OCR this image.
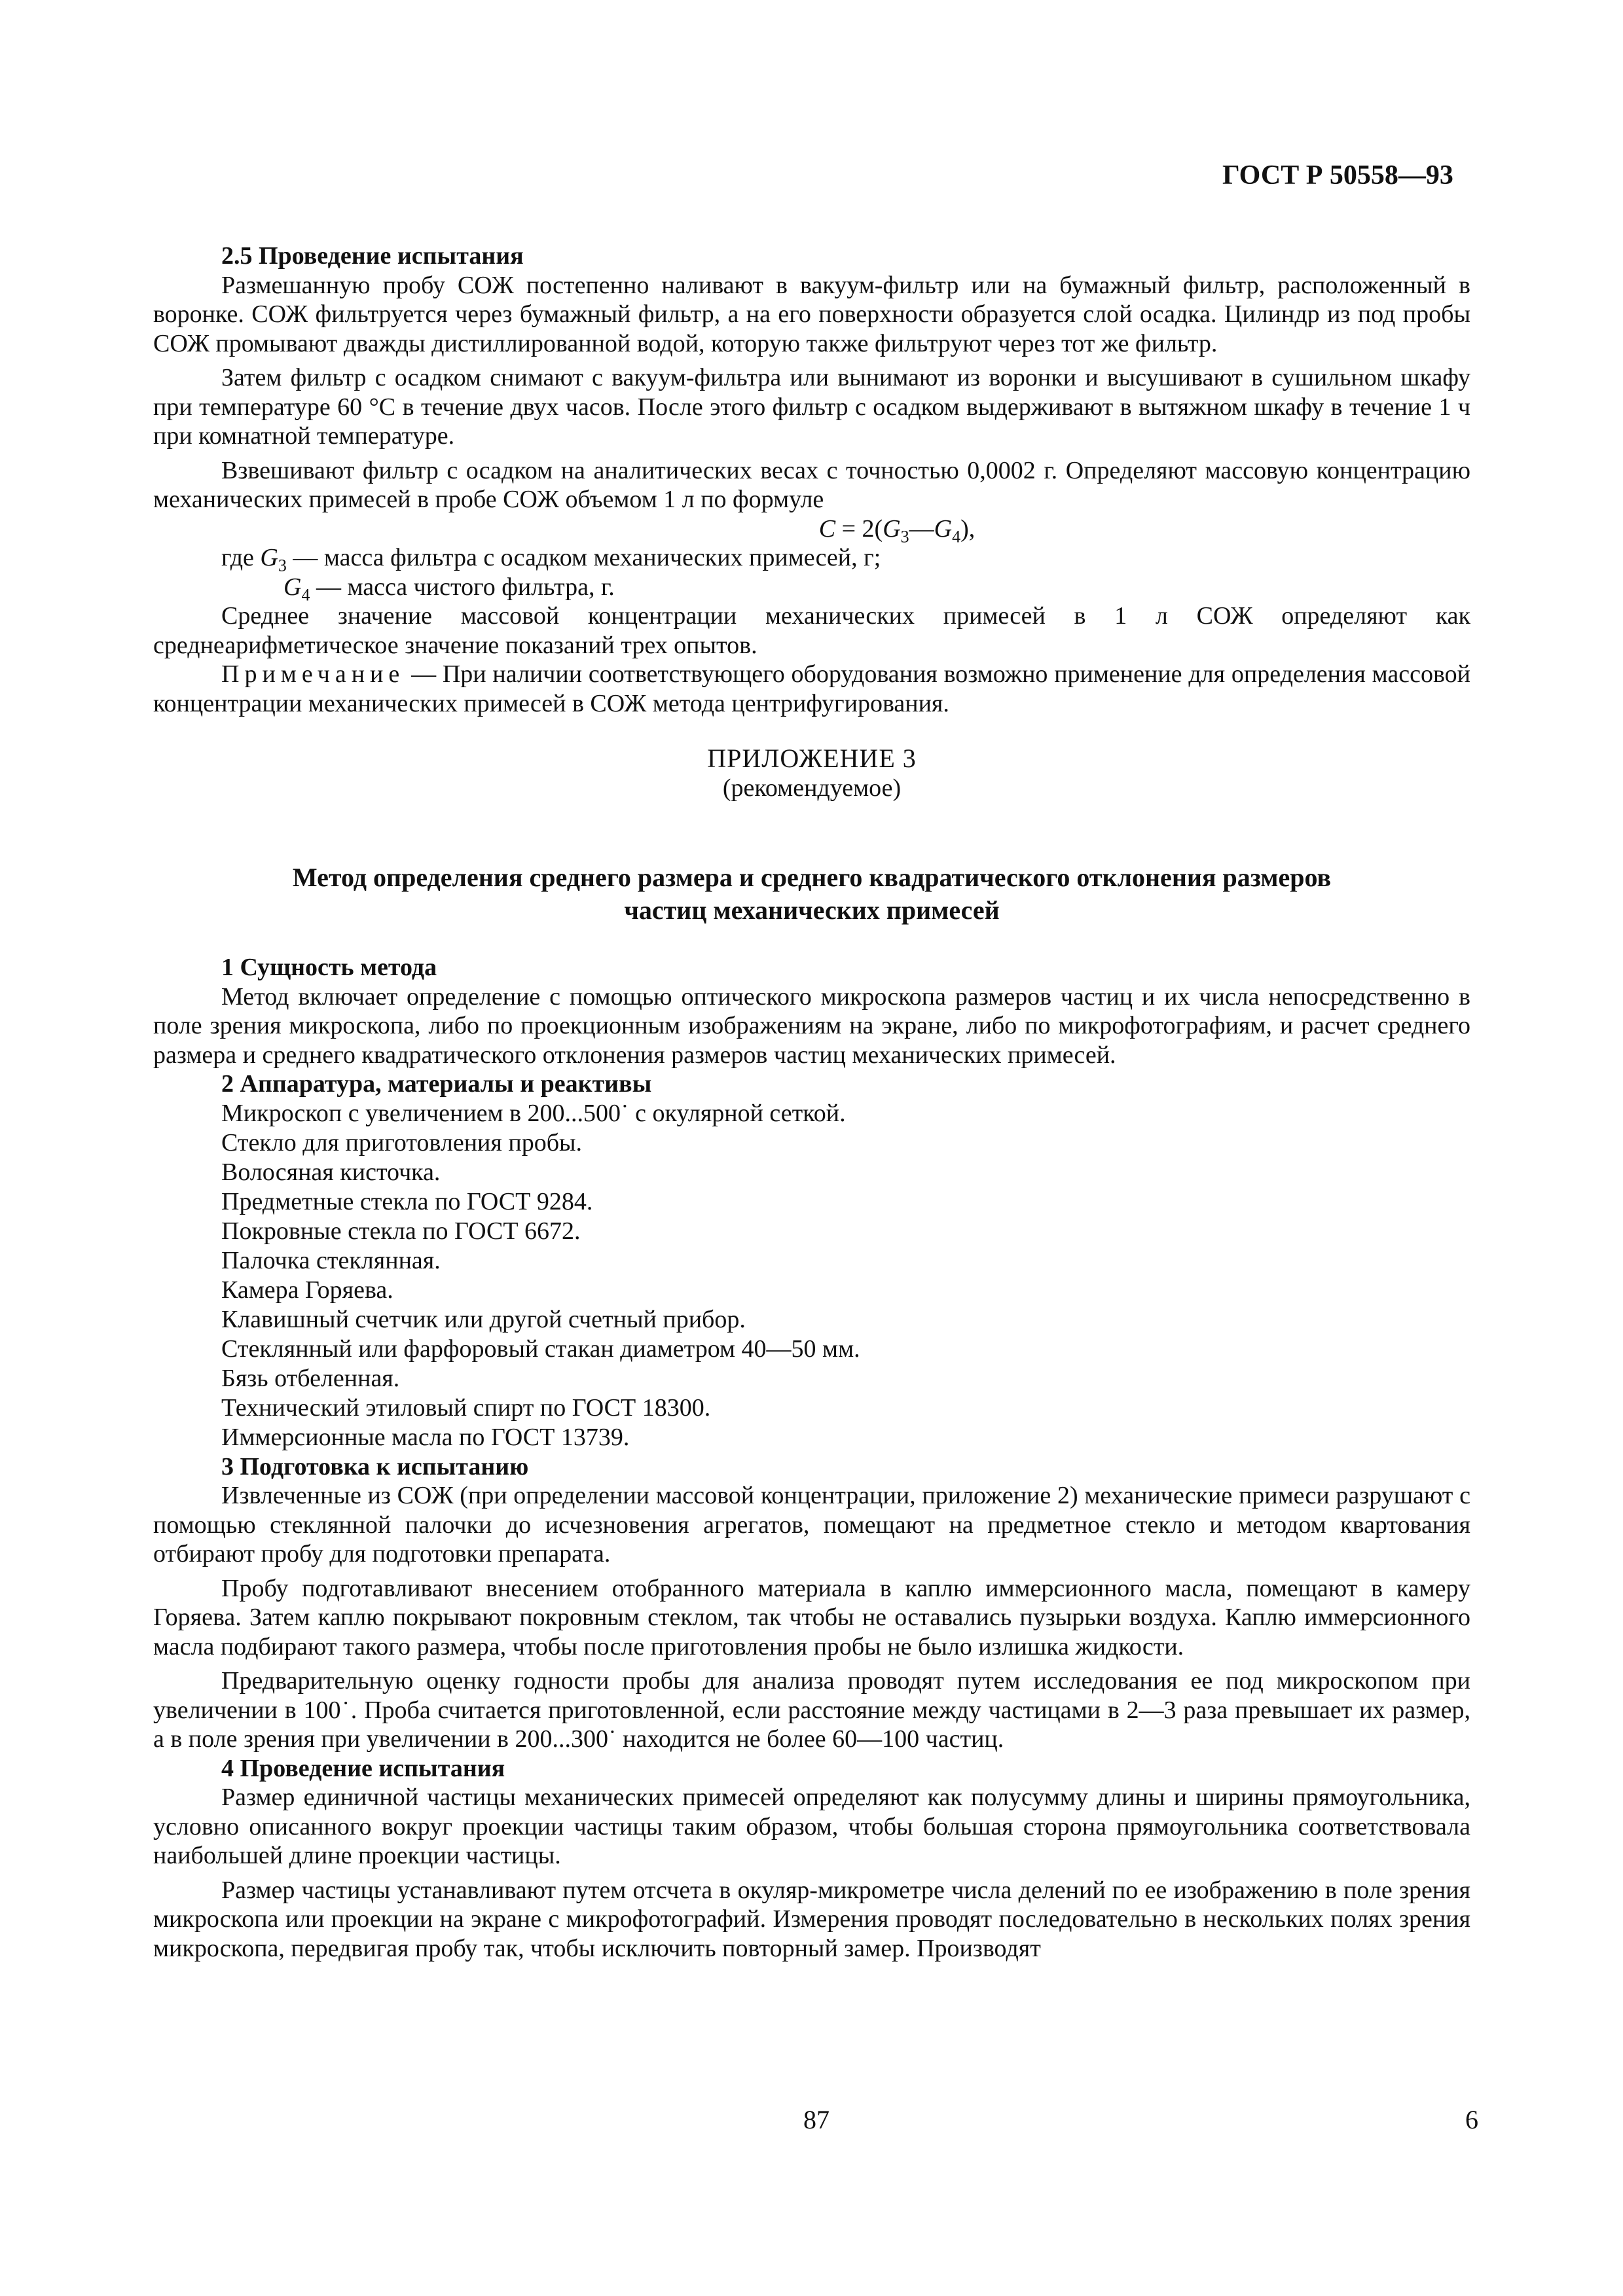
ГОСТ Р 50558—93

2.5 Проведение испытания

Размешанную пробу СОЖ постепенно наливают в вакуум-фильтр или на бумажный фильтр, расположенный в воронке. СОЖ фильтруется через бумажный фильтр, а на его поверхности образуется слой осадка. Цилиндр из под пробы СОЖ промывают дважды дистиллированной водой, которую также фильтруют через тот же фильтр.

Затем фильтр с осадком снимают с вакуум-фильтра или вынимают из воронки и высушивают в сушильном шкафу при температуре 60 °С в течение двух часов. После этого фильтр с осадком выдерживают в вытяжном шкафу в течение 1 ч при комнатной температуре.

Взвешивают фильтр с осадком на аналитических весах с точностью 0,0002 г. Определяют массовую концентрацию механических примесей в пробе СОЖ объемом 1 л по формуле

$C = 2(G_3—G_4)$,

где $G_3$ — масса фильтра с осадком механических примесей, г;

$G_4$ — масса чистого фильтра, г.

Среднее значение массовой концентрации механических примесей в 1 л СОЖ определяют как среднеарифметическое значение показаний трех опытов.

Примечание — При наличии соответствующего оборудования возможно применение для определения массовой концентрации механических примесей в СОЖ метода центрифугирования.

ПРИЛОЖЕНИЕ 3

(рекомендуемое)

Метод определения среднего размера и среднего квадратического отклонения размеров
частиц механических примесей

1 Сущность метода

Метод включает определение с помощью оптического микроскопа размеров частиц и их числа непосредственно в поле зрения микроскопа, либо по проекционным изображениям на экране, либо по микрофотографиям, и расчет среднего размера и среднего квадратического отклонения размеров частиц механических примесей.

2 Аппаратура, материалы и реактивы

Микроскоп с увеличением в 200...500˙ с окулярной сеткой.

Стекло для приготовления пробы.

Волосяная кисточка.

Предметные стекла по ГОСТ 9284.

Покровные стекла по ГОСТ 6672.

Палочка стеклянная.

Камера Горяева.

Клавишный счетчик или другой счетный прибор.

Стеклянный или фарфоровый стакан диаметром 40—50 мм.

Бязь отбеленная.

Технический этиловый спирт по ГОСТ 18300.

Иммерсионные масла по ГОСТ 13739.

3 Подготовка к испытанию

Извлеченные из СОЖ (при определении массовой концентрации, приложение 2) механические примеси разрушают с помощью стеклянной палочки до исчезновения агрегатов, помещают на предметное стекло и методом квартования отбирают пробу для подготовки препарата.

Пробу подготавливают внесением отобранного материала в каплю иммерсионного масла, помещают в камеру Горяева. Затем каплю покрывают покровным стеклом, так чтобы не оставались пузырьки воздуха. Каплю иммерсионного масла подбирают такого размера, чтобы после приготовления пробы не было излишка жидкости.

Предварительную оценку годности пробы для анализа проводят путем исследования ее под микроскопом при увеличении в 100˙. Проба считается приготовленной, если расстояние между частицами в 2—3 раза превышает их размер, а в поле зрения при увеличении в 200...300˙ находится не более 60—100 частиц.

4 Проведение испытания

Размер единичной частицы механических примесей определяют как полусумму длины и ширины прямоугольника, условно описанного вокруг проекции частицы таким образом, чтобы большая сторона прямоугольника соответствовала наибольшей длине проекции частицы.

Размер частицы устанавливают путем отсчета в окуляр-микрометре числа делений по ее изображению в поле зрения микроскопа или проекции на экране с микрофотографий. Измерения проводят последовательно в нескольких полях зрения микроскопа, передвигая пробу так, чтобы исключить повторный замер. Производят

87	6
